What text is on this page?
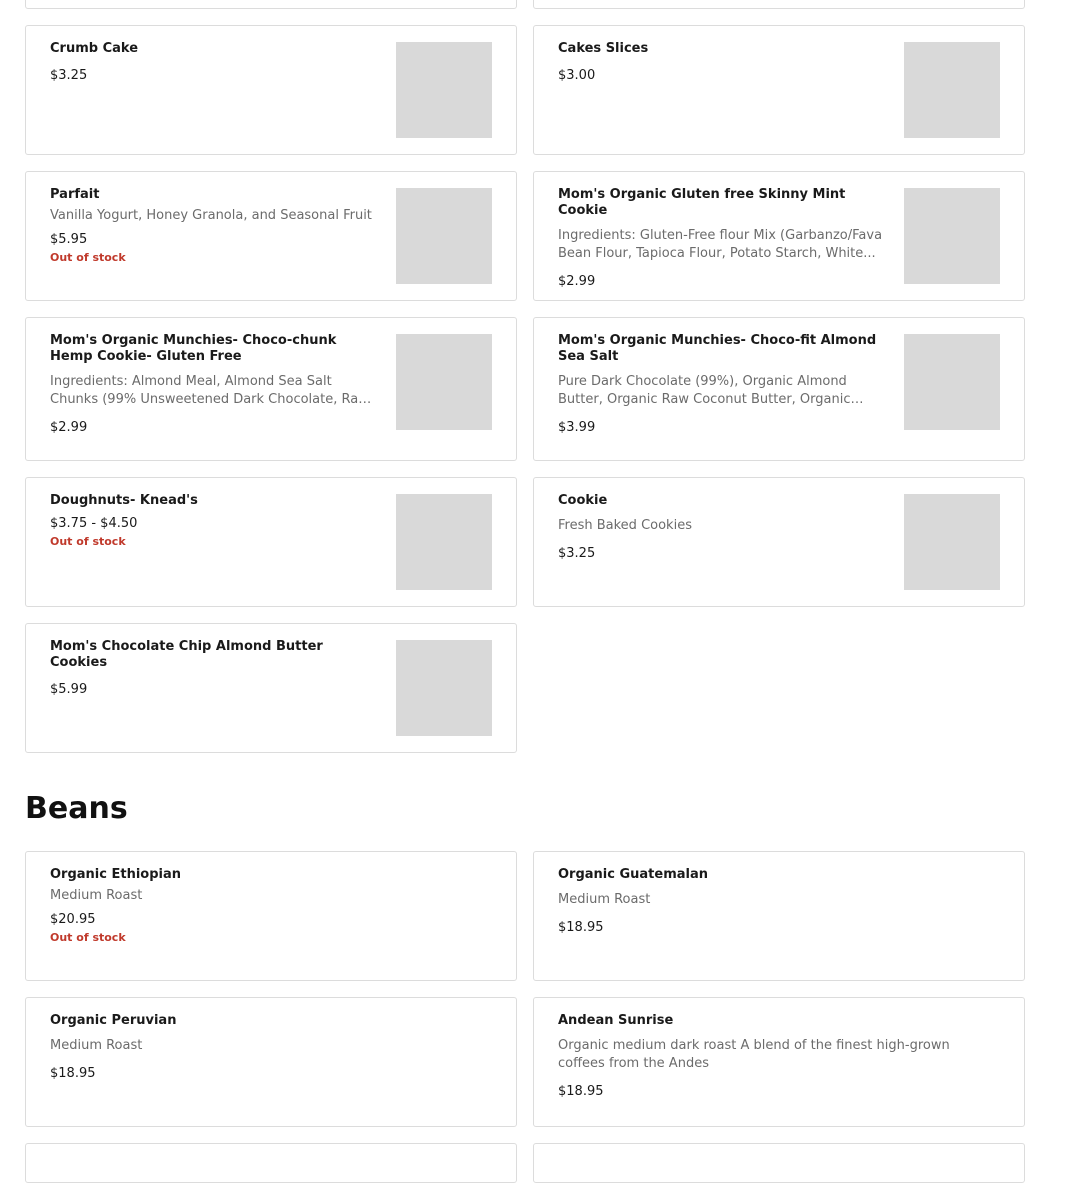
Crumb Cake
$3.25
Cakes Slices
$3.00
Parfait
Vanilla Yogurt, Honey Granola, and Seasonal Fruit
$5.95
Out of stock
Mom's Organic Gluten free Skinny Mint Cookie
Ingredients: Gluten-Free flour Mix (Garbanzo/Fava Bean Flour, Tapioca Flour, Potato Starch, White...
$2.99
Mom's Organic Munchies- Choco-chunk Hemp Cookie- Gluten Free
Ingredients: Almond Meal, Almond Sea Salt Chunks (99% Unsweetened Dark Chocolate, Raw
$2.99
Mom's Organic Munchies- Choco-fit Almond Sea Salt
Pure Dark Chocolate (99%), Organic Almond Butter, Organic Raw Coconut Butter, Organic
$3.99
Doughnuts- Knead's
$3.75 - $4.50
Out of stock
Cookie
Fresh Baked Cookies
$3.25
Mom's Chocolate Chip Almond Butter Cookies
$5.99
Beans
Organic Ethiopian
Medium Roast
$20.95
Out of stock
Organic Guatemalan
Medium Roast
$18.95
Organic Peruvian
Medium Roast
$18.95
Andean Sunrise
Organic medium dark roast A blend of the finest high-grown coffees from the Andes
$18.95
